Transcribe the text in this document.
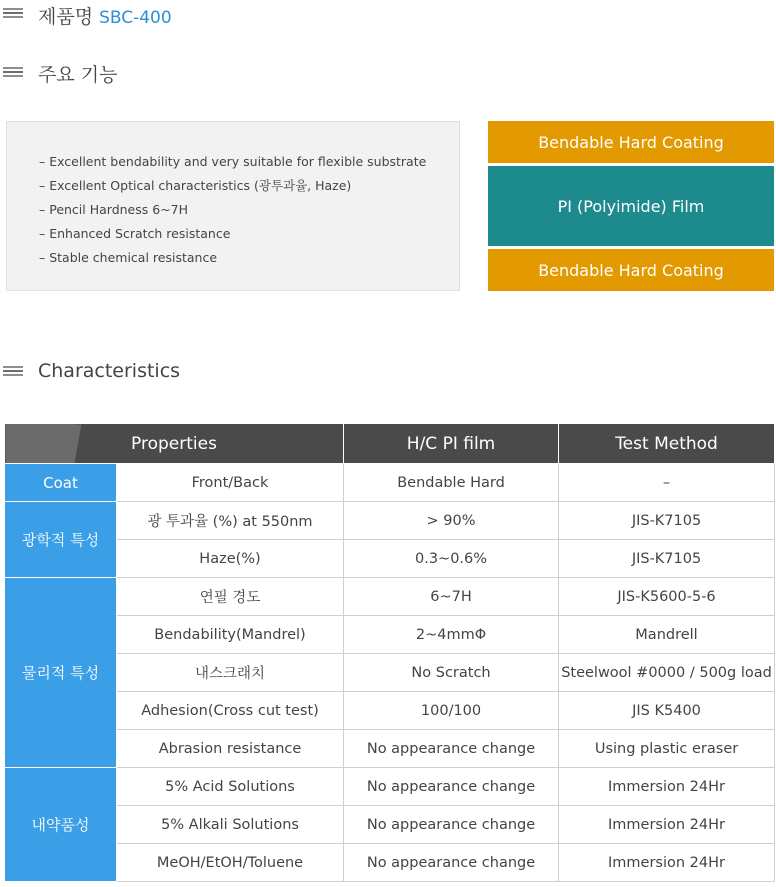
제품명 SBC-400
주요 기능
– Excellent bendability and very suitable for flexible substrate
– Excellent Optical characteristics (광투과율, Haze)
– Pencil Hardness 6~7H
– Enhanced Scratch resistance
– Stable chemical resistance
Bendable Hard Coating
PI (Polyimide) Film
Bendable Hard Coating
Characteristics
Properties		H/C PI film	Test Method
Coat	Front/Back	Bendable Hard	–
광학적 특성	광 투과율 (%) at 550nm	> 90%	JIS-K7105
	Haze(%)	0.3~0.6%	JIS-K7105
물리적 특성	연필 경도	6~7H	JIS-K5600-5-6
	Bendability(Mandrel)	2~4mmΦ	Mandrell
	내스크래치	No Scratch	Steelwool #0000 / 500g load
	Adhesion(Cross cut test)	100/100	JIS K5400
	Abrasion resistance	No appearance change	Using plastic eraser
내약품성	5% Acid Solutions	No appearance change	Immersion 24Hr
	5% Alkali Solutions	No appearance change	Immersion 24Hr
	MeOH/EtOH/Toluene	No appearance change	Immersion 24Hr
